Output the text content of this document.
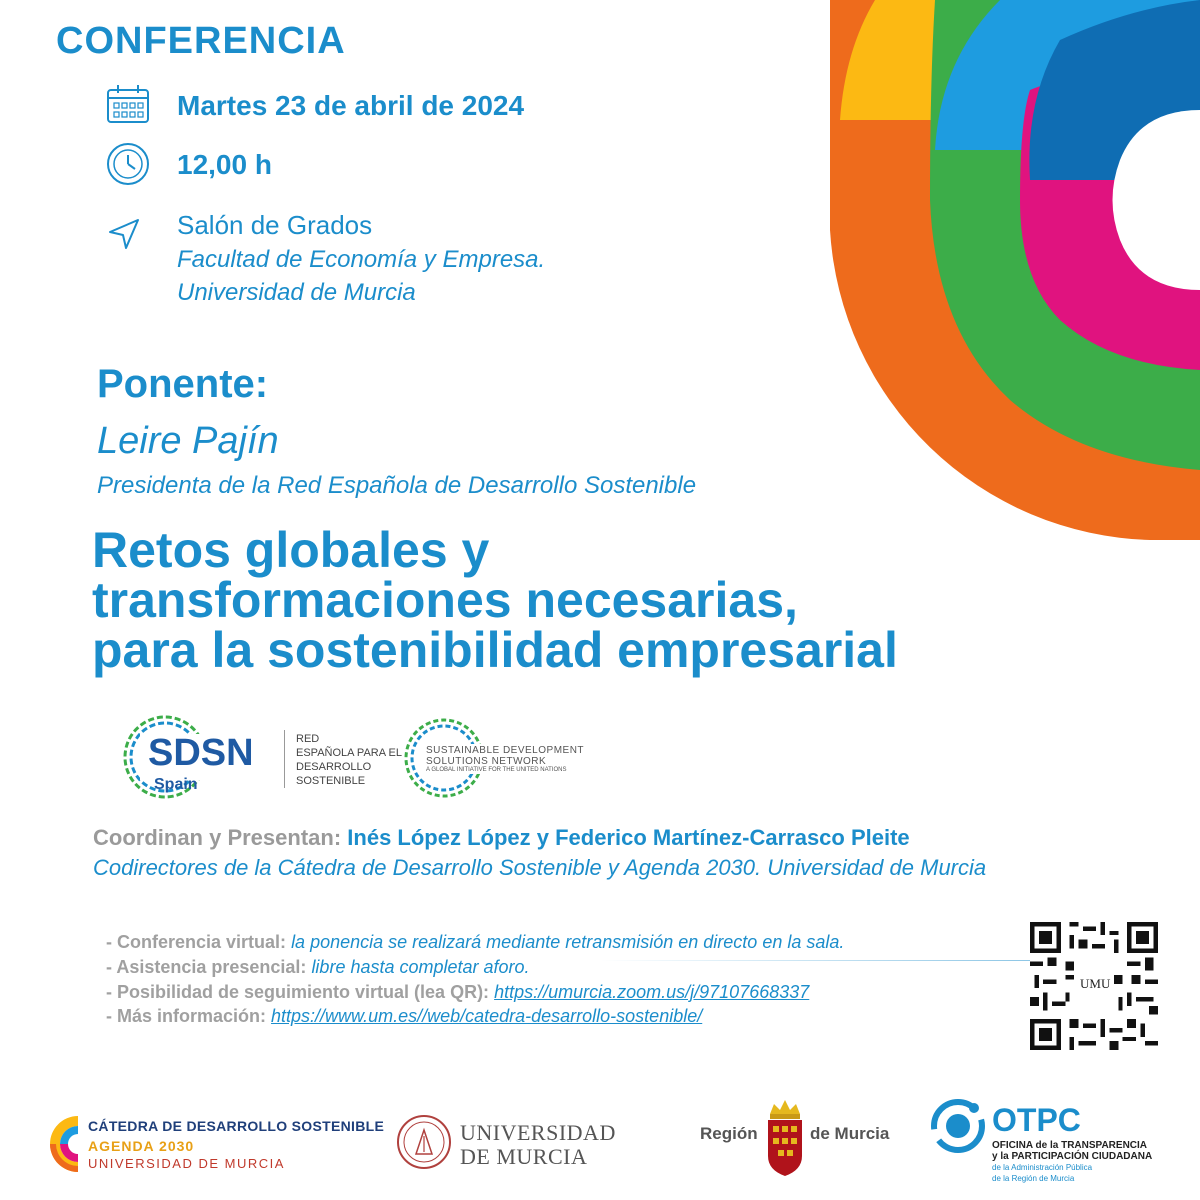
CONFERENCIA
Martes 23 de abril de 2024
12,00 h
Salón de Grados
Facultad de Economía y Empresa.
Universidad de Murcia
Ponente:
Leire Pajín
Presidenta de la Red Española de Desarrollo Sostenible
Retos globales y
transformaciones necesarias,
para la sostenibilidad empresarial
SDSN
Spain
RED
ESPAÑOLA PARA EL
DESARROLLO
SOSTENIBLE
SUSTAINABLE DEVELOPMENT
SOLUTIONS NETWORK
A GLOBAL INITIATIVE FOR THE UNITED NATIONS
Coordinan y Presentan: Inés López López y Federico Martínez-Carrasco Pleite
Codirectores de la Cátedra de Desarrollo Sostenible y Agenda 2030. Universidad de Murcia
- Conferencia virtual: la ponencia se realizará mediante retransmisión en directo en la sala.
- Asistencia presencial: libre hasta completar aforo.
- Posibilidad de seguimiento virtual (lea QR): https://umurcia.zoom.us/j/97107668337
- Más información: https://www.um.es//web/catedra-desarrollo-sostenible/
UMU
CÁTEDRA DE DESARROLLO SOSTENIBLE
AGENDA 2030
UNIVERSIDAD DE MURCIA
UNIVERSIDAD
DE MURCIA
Región	de Murcia	OTPC
OFICINA de la TRANSPARENCIA
y la PARTICIPACIÓN CIUDADANA
de la Administración Pública
de la Región de Murcia
